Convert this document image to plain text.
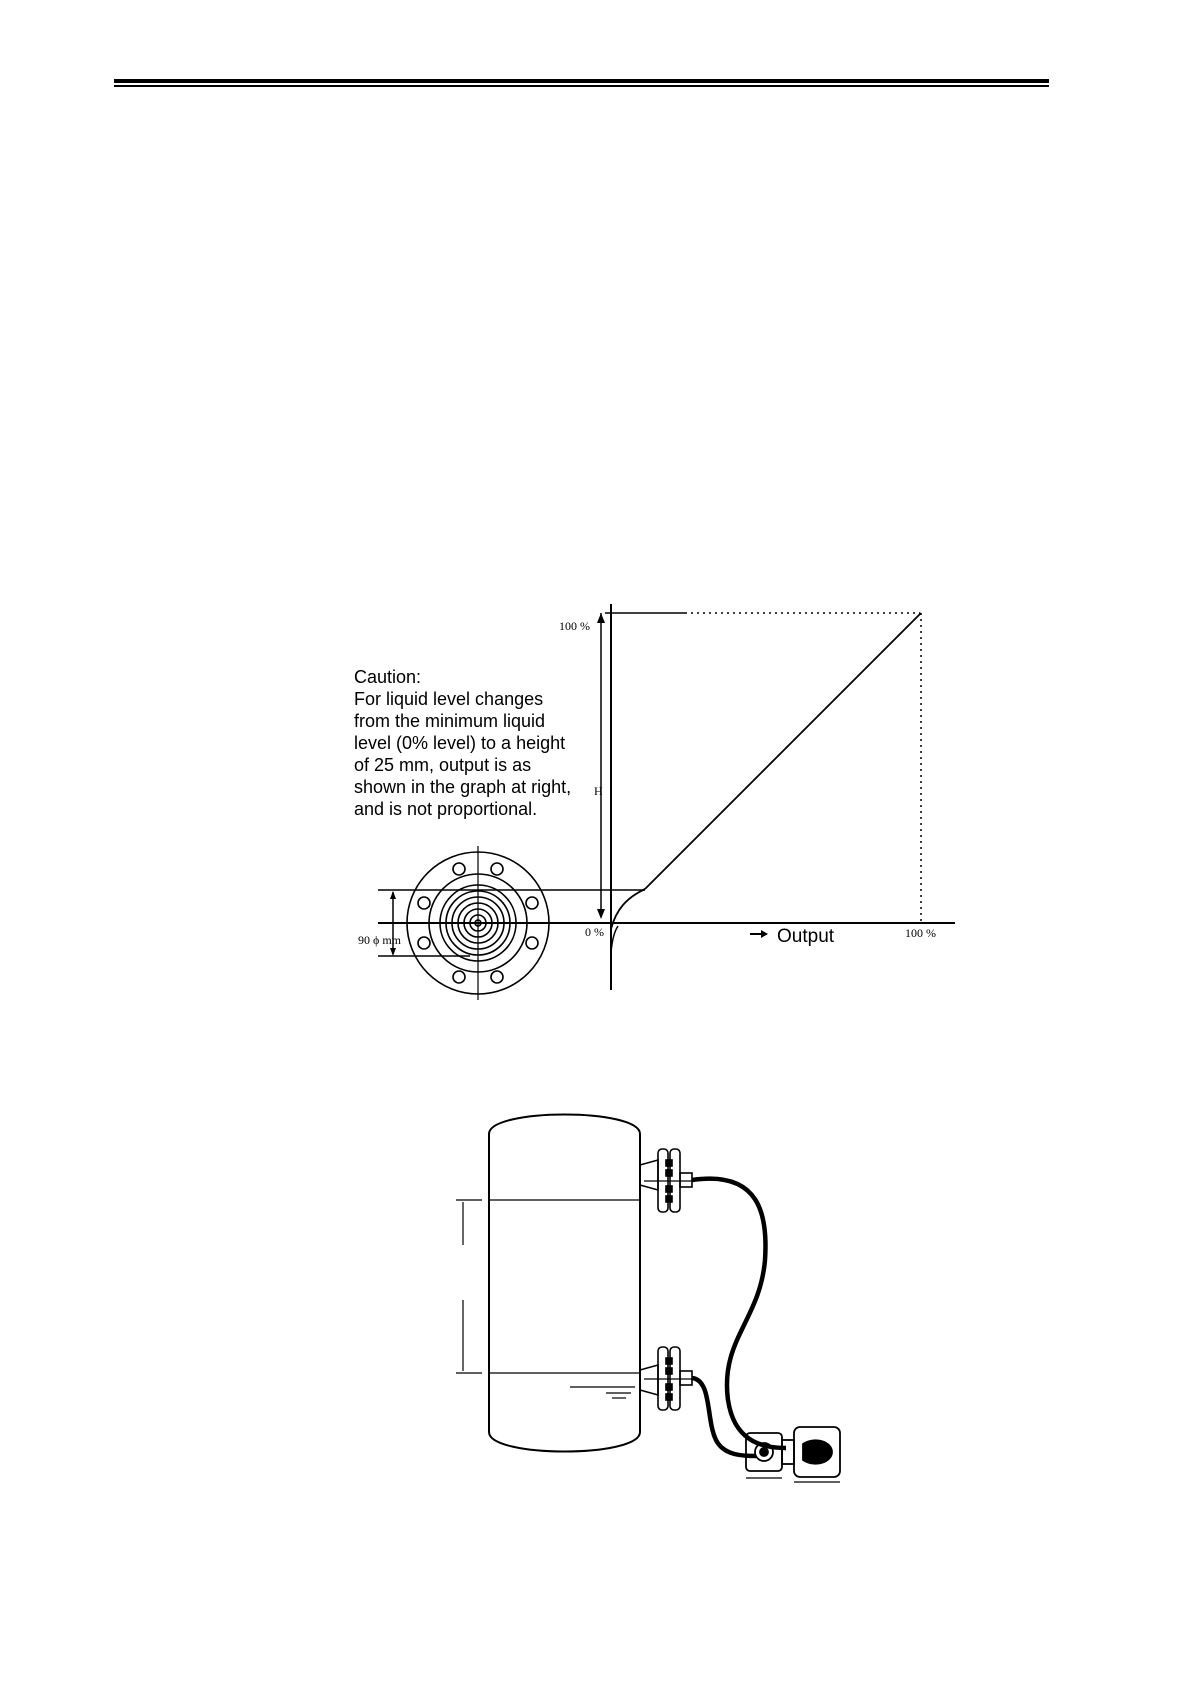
Caution:
For liquid level changes
from the minimum liquid
level (0% level) to a height
of 25 mm, output is as
shown in the graph at right,
and is not proportional.
100 %
0 %
H
Output	100 %
90 ϕ mm
